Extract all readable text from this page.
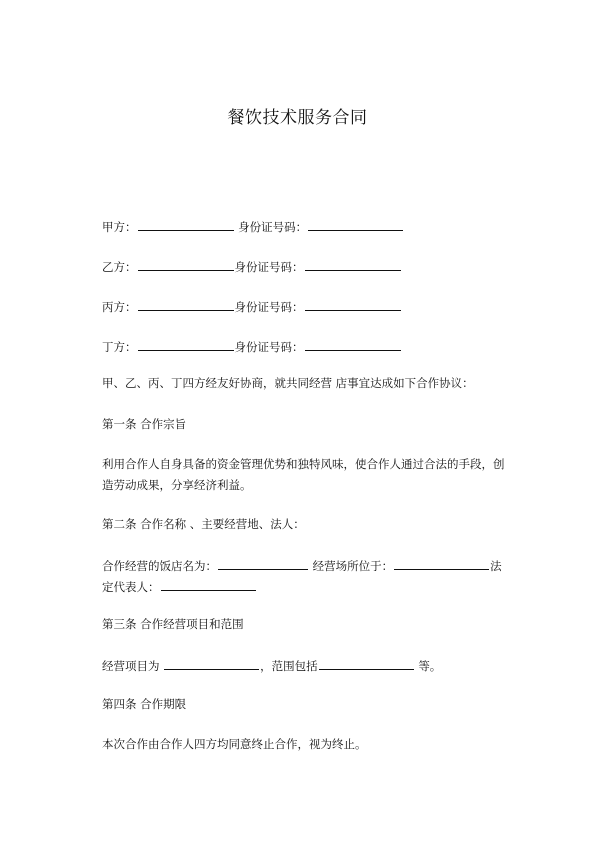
餐饮技术服务合同
甲方：	身份证号码：
乙方：	身份证号码：
丙方：	身份证号码：
丁方：	身份证号码：
甲、乙、丙、丁四方经友好协商，就共同经营 店事宜达成如下合作协议：
第一条 合作宗旨
利用合作人自身具备的资金管理优势和独特风味，使合作人通过合法的手段，创
造劳动成果，分享经济利益。
第二条 合作名称 、主要经营地、法人：
合作经营的饭店名为：	经营场所位于：	法
定代表人：
第三条 合作经营项目和范围
经营项目为	，范围包括	等。
第四条 合作期限
本次合作由合作人四方均同意终止合作，视为终止。
